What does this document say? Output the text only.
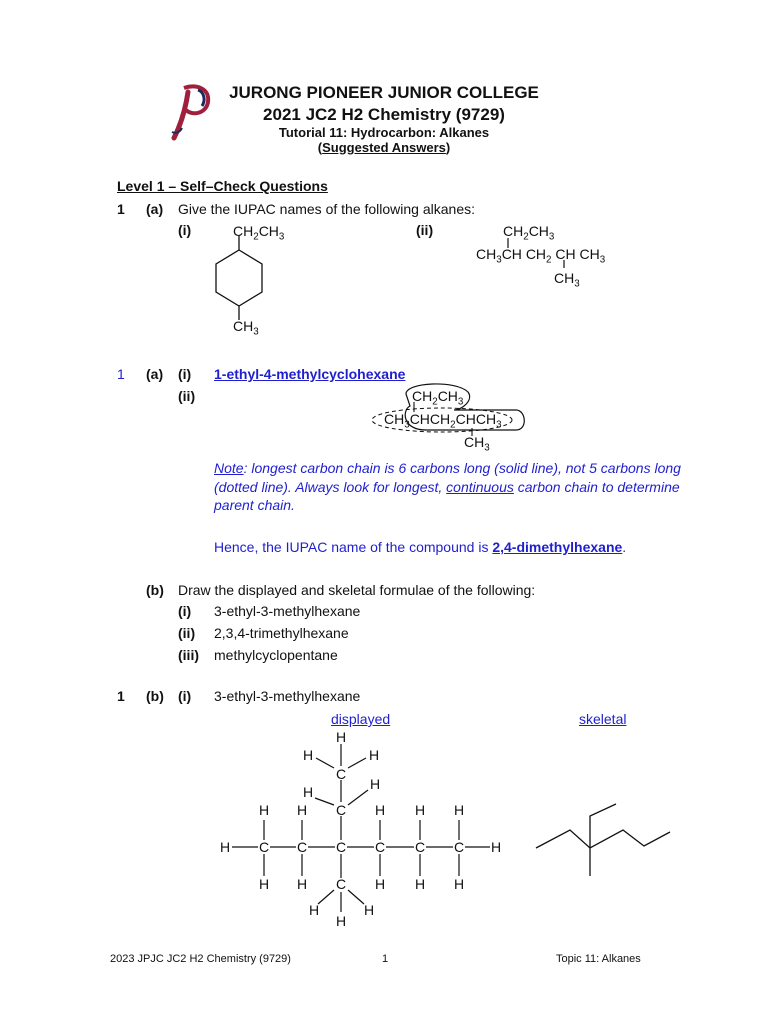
JURONG PIONEER JUNIOR COLLEGE
2021 JC2 H2 Chemistry (9729)
Tutorial 11: Hydrocarbon: Alkanes
(Suggested Answers)
Level 1 – Self–Check Questions
1 (a) Give the IUPAC names of the following alkanes:
(i)	(ii)
$CH_2CH_3$
$CH_3$
$CH_2CH_3$
$CH_3CH$ $CH_2$ CH $CH_3$
$CH_3$
1 (a) (i) 1-ethyl-4-methylcyclohexane
(ii)	$CH_2CH_3$
$CH_3CHCH_2CHCH_3$
$CH_3$
Note: longest carbon chain is 6 carbons long (solid line), not 5 carbons long
(dotted line). Always look for longest, continuous carbon chain to determine
parent chain.
Hence, the IUPAC name of the compound is 2,4-dimethylhexane.
(b) Draw the displayed and skeletal formulae of the following:
(i) 3-ethyl-3-methylhexane
(ii) 2,3,4-trimethylhexane
(iii) methylcyclopentane
1 (b) (i) 3-ethyl-3-methylhexane
displayed	skeletal
H C C C C C C H
H H	H H H
H H	H H H
C
H	H
C
H	H
H
C
H
H
H
2023 JPJC JC2 H2 Chemistry (9729)	1	Topic 11: Alkanes
